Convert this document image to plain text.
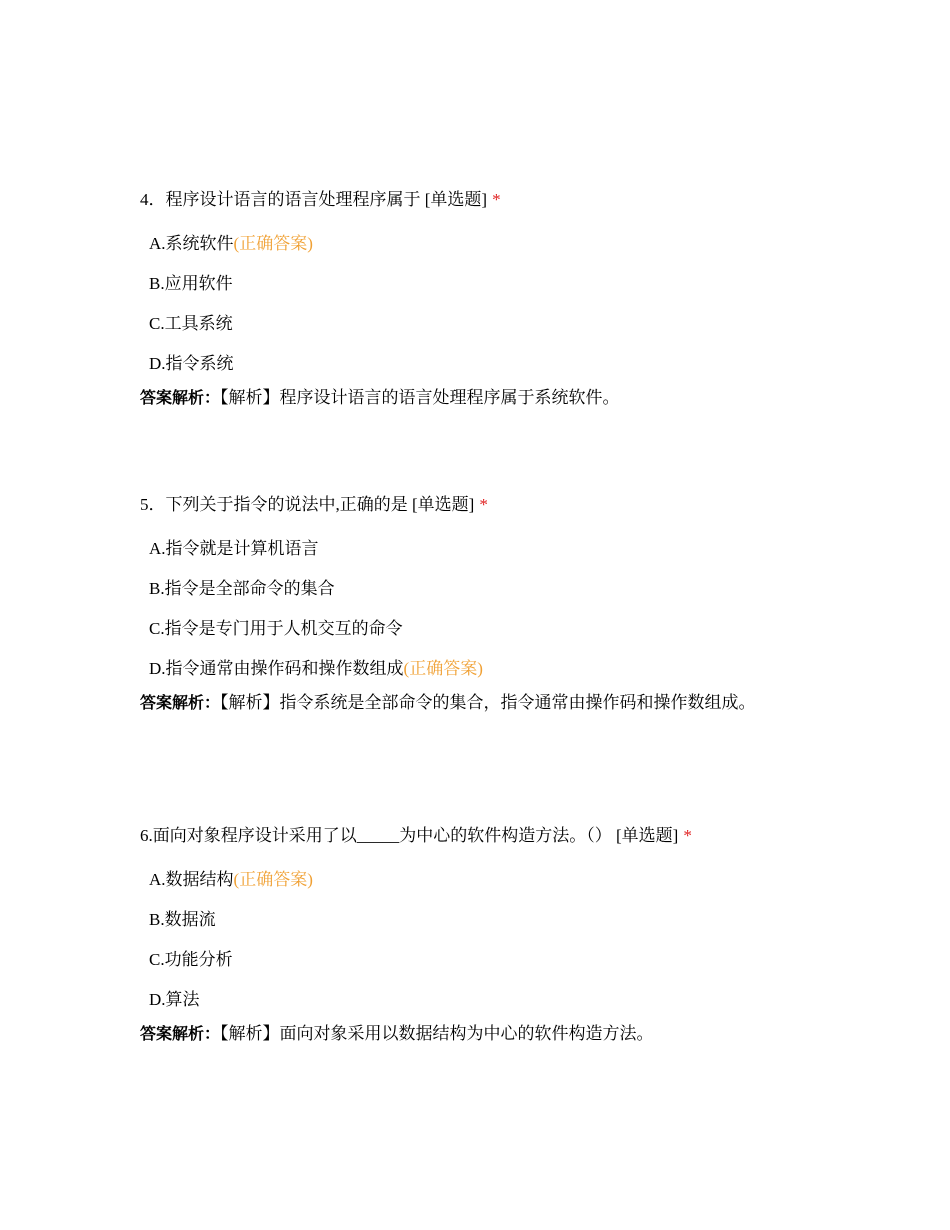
4．程序设计语言的语言处理程序属于 [单选题] *
A.系统软件(正确答案)
B.应用软件
C.工具系统
D.指令系统
答案解析：【解析】程序设计语言的语言处理程序属于系统软件。
5．下列关于指令的说法中,正确的是 [单选题] *
A.指令就是计算机语言
B.指令是全部命令的集合
C.指令是专门用于人机交互的命令
D.指令通常由操作码和操作数组成(正确答案)
答案解析：【解析】指令系统是全部命令的集合，指令通常由操作码和操作数组成。
6.面向对象程序设计采用了以_____为中心的软件构造方法。（） [单选题] *
A.数据结构(正确答案)
B.数据流
C.功能分析
D.算法
答案解析：【解析】面向对象采用以数据结构为中心的软件构造方法。
